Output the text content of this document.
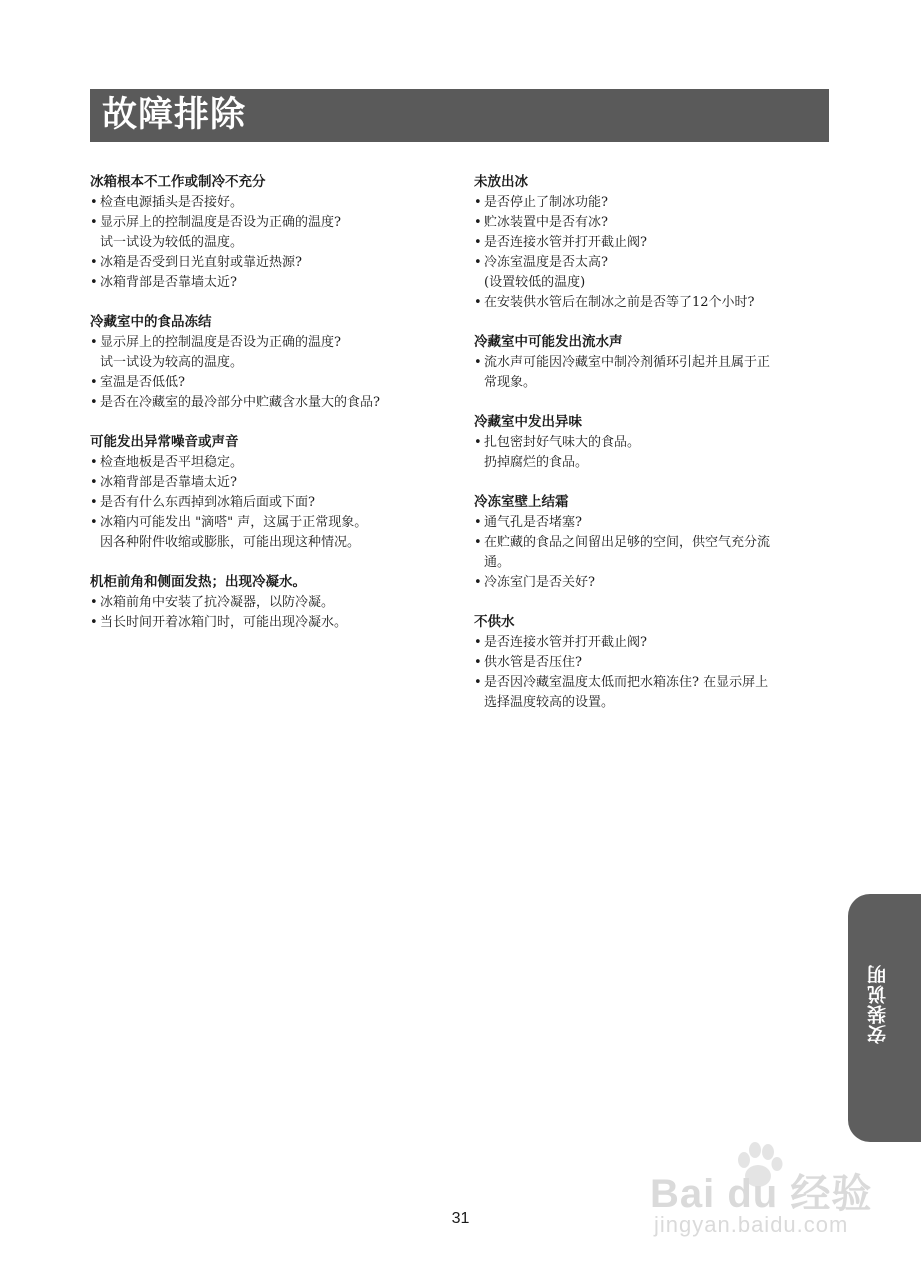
故障排除
冰箱根本不工作或制冷不充分
• 检查电源插头是否接好。
• 显示屏上的控制温度是否设为正确的温度?
试一试设为较低的温度。
• 冰箱是否受到日光直射或靠近热源?
• 冰箱背部是否靠墙太近?
冷藏室中的食品冻结
• 显示屏上的控制温度是否设为正确的温度?
试一试设为较高的温度。
• 室温是否低低?
• 是否在冷藏室的最冷部分中贮藏含水量大的食品?
可能发出异常噪音或声音
• 检查地板是否平坦稳定。
• 冰箱背部是否靠墙太近?
• 是否有什么东西掉到冰箱后面或下面?
• 冰箱内可能发出 "滴嗒" 声，这属于正常现象。
因各种附件收缩或膨胀，可能出现这种情况。
机柜前角和侧面发热；出现冷凝水。
• 冰箱前角中安装了抗冷凝器，以防冷凝。
• 当长时间开着冰箱门时，可能出现冷凝水。
未放出冰
• 是否停止了制冰功能?
• 贮冰装置中是否有冰?
• 是否连接水管并打开截止阀?
• 冷冻室温度是否太高?
(设置较低的温度)
• 在安装供水管后在制冰之前是否等了12个小时?
冷藏室中可能发出流水声
• 流水声可能因冷藏室中制冷剂循环引起并且属于正
常现象。
冷藏室中发出异味
• 扎包密封好气味大的食品。
扔掉腐烂的食品。
冷冻室壁上结霜
• 通气孔是否堵塞?
• 在贮藏的食品之间留出足够的空间，供空气充分流
通。
• 冷冻室门是否关好?
不供水
• 是否连接水管并打开截止阀?
• 供水管是否压住?
• 是否因冷藏室温度太低而把水箱冻住? 在显示屏上
选择温度较高的设置。
安装说明
Bai du 经验
jingyan.baidu.com
31
